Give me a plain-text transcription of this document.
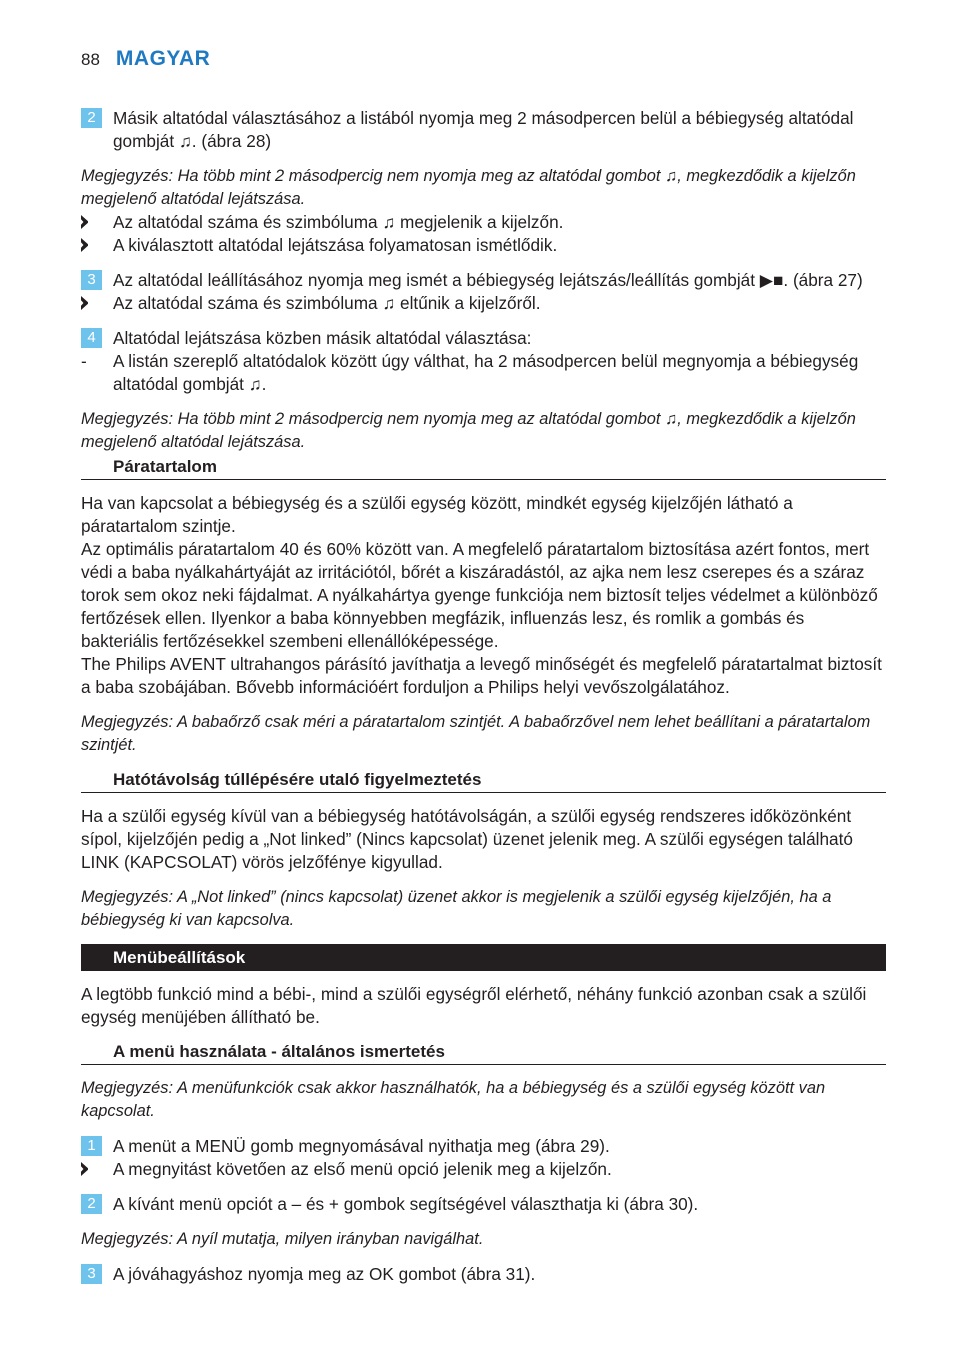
88 MAGYAR
2	Másik altatódal választásához a listából nyomja meg 2 másodpercen belül a bébiegység altatódal gombját ♫. (ábra 28)
Megjegyzés: Ha több mint 2 másodpercig nem nyomja meg az altatódal gombot ♫, megkezdődik a kijelzőn megjelenő altatódal lejátszása.
Az altatódal száma és szimbóluma ♫ megjelenik a kijelzőn.
A kiválasztott altatódal lejátszása folyamatosan ismétlődik.
3	Az altatódal leállításához nyomja meg ismét a bébiegység lejátszás/leállítás gombját ▶■. (ábra 27)
Az altatódal száma és szimbóluma ♫ eltűnik a kijelzőről.
4	Altatódal lejátszása közben másik altatódal választása:
-	A listán szereplő altatódalok között úgy válthat, ha 2 másodpercen belül megnyomja a bébiegység altatódal gombját ♫.
Megjegyzés: Ha több mint 2 másodpercig nem nyomja meg az altatódal gombot ♫, megkezdődik a kijelzőn megjelenő altatódal lejátszása.
Páratartalom
Ha van kapcsolat a bébiegység és a szülői egység között, mindkét egység kijelzőjén látható a páratartalom szintje.
Az optimális páratartalom 40 és 60% között van. A megfelelő páratartalom biztosítása azért fontos, mert védi a baba nyálkahártyáját az irritációtól, bőrét a kiszáradástól, az ajka nem lesz cserepes és a száraz torok sem okoz neki fájdalmat. A nyálkahártya gyenge funkciója nem biztosít teljes védelmet a különböző fertőzések ellen. Ilyenkor a baba könnyebben megfázik, influenzás lesz, és romlik a gombás és bakteriális fertőzésekkel szembeni ellenállóképessége.
The Philips AVENT ultrahangos párásító javíthatja a levegő minőségét és megfelelő páratartalmat biztosít a baba szobájában. Bővebb információért forduljon a Philips helyi vevőszolgálatához.
Megjegyzés: A babaőrző csak méri a páratartalom szintjét. A babaőrzővel nem lehet beállítani a páratartalom szintjét.
Hatótávolság túllépésére utaló figyelmeztetés
Ha a szülői egység kívül van a bébiegység hatótávolságán, a szülői egység rendszeres időközönként sípol, kijelzőjén pedig a „Not linked” (Nincs kapcsolat) üzenet jelenik meg. A szülői egységen található LINK (KAPCSOLAT) vörös jelzőfénye kigyullad.
Megjegyzés: A „Not linked” (nincs kapcsolat) üzenet akkor is megjelenik a szülői egység kijelzőjén, ha a bébiegység ki van kapcsolva.
Menübeállítások
A legtöbb funkció mind a bébi-, mind a szülői egységről elérhető, néhány funkció azonban csak a szülői egység menüjében állítható be.
A menü használata - általános ismertetés
Megjegyzés: A menüfunkciók csak akkor használhatók, ha a bébiegység és a szülői egység között van kapcsolat.
1	A menüt a MENÜ gomb megnyomásával nyithatja meg (ábra 29).
A megnyitást követően az első menü opció jelenik meg a kijelzőn.
2	A kívánt menü opciót a – és + gombok segítségével választhatja ki (ábra 30).
Megjegyzés: A nyíl mutatja, milyen irányban navigálhat.
3	A jóváhagyáshoz nyomja meg az OK gombot (ábra 31).
